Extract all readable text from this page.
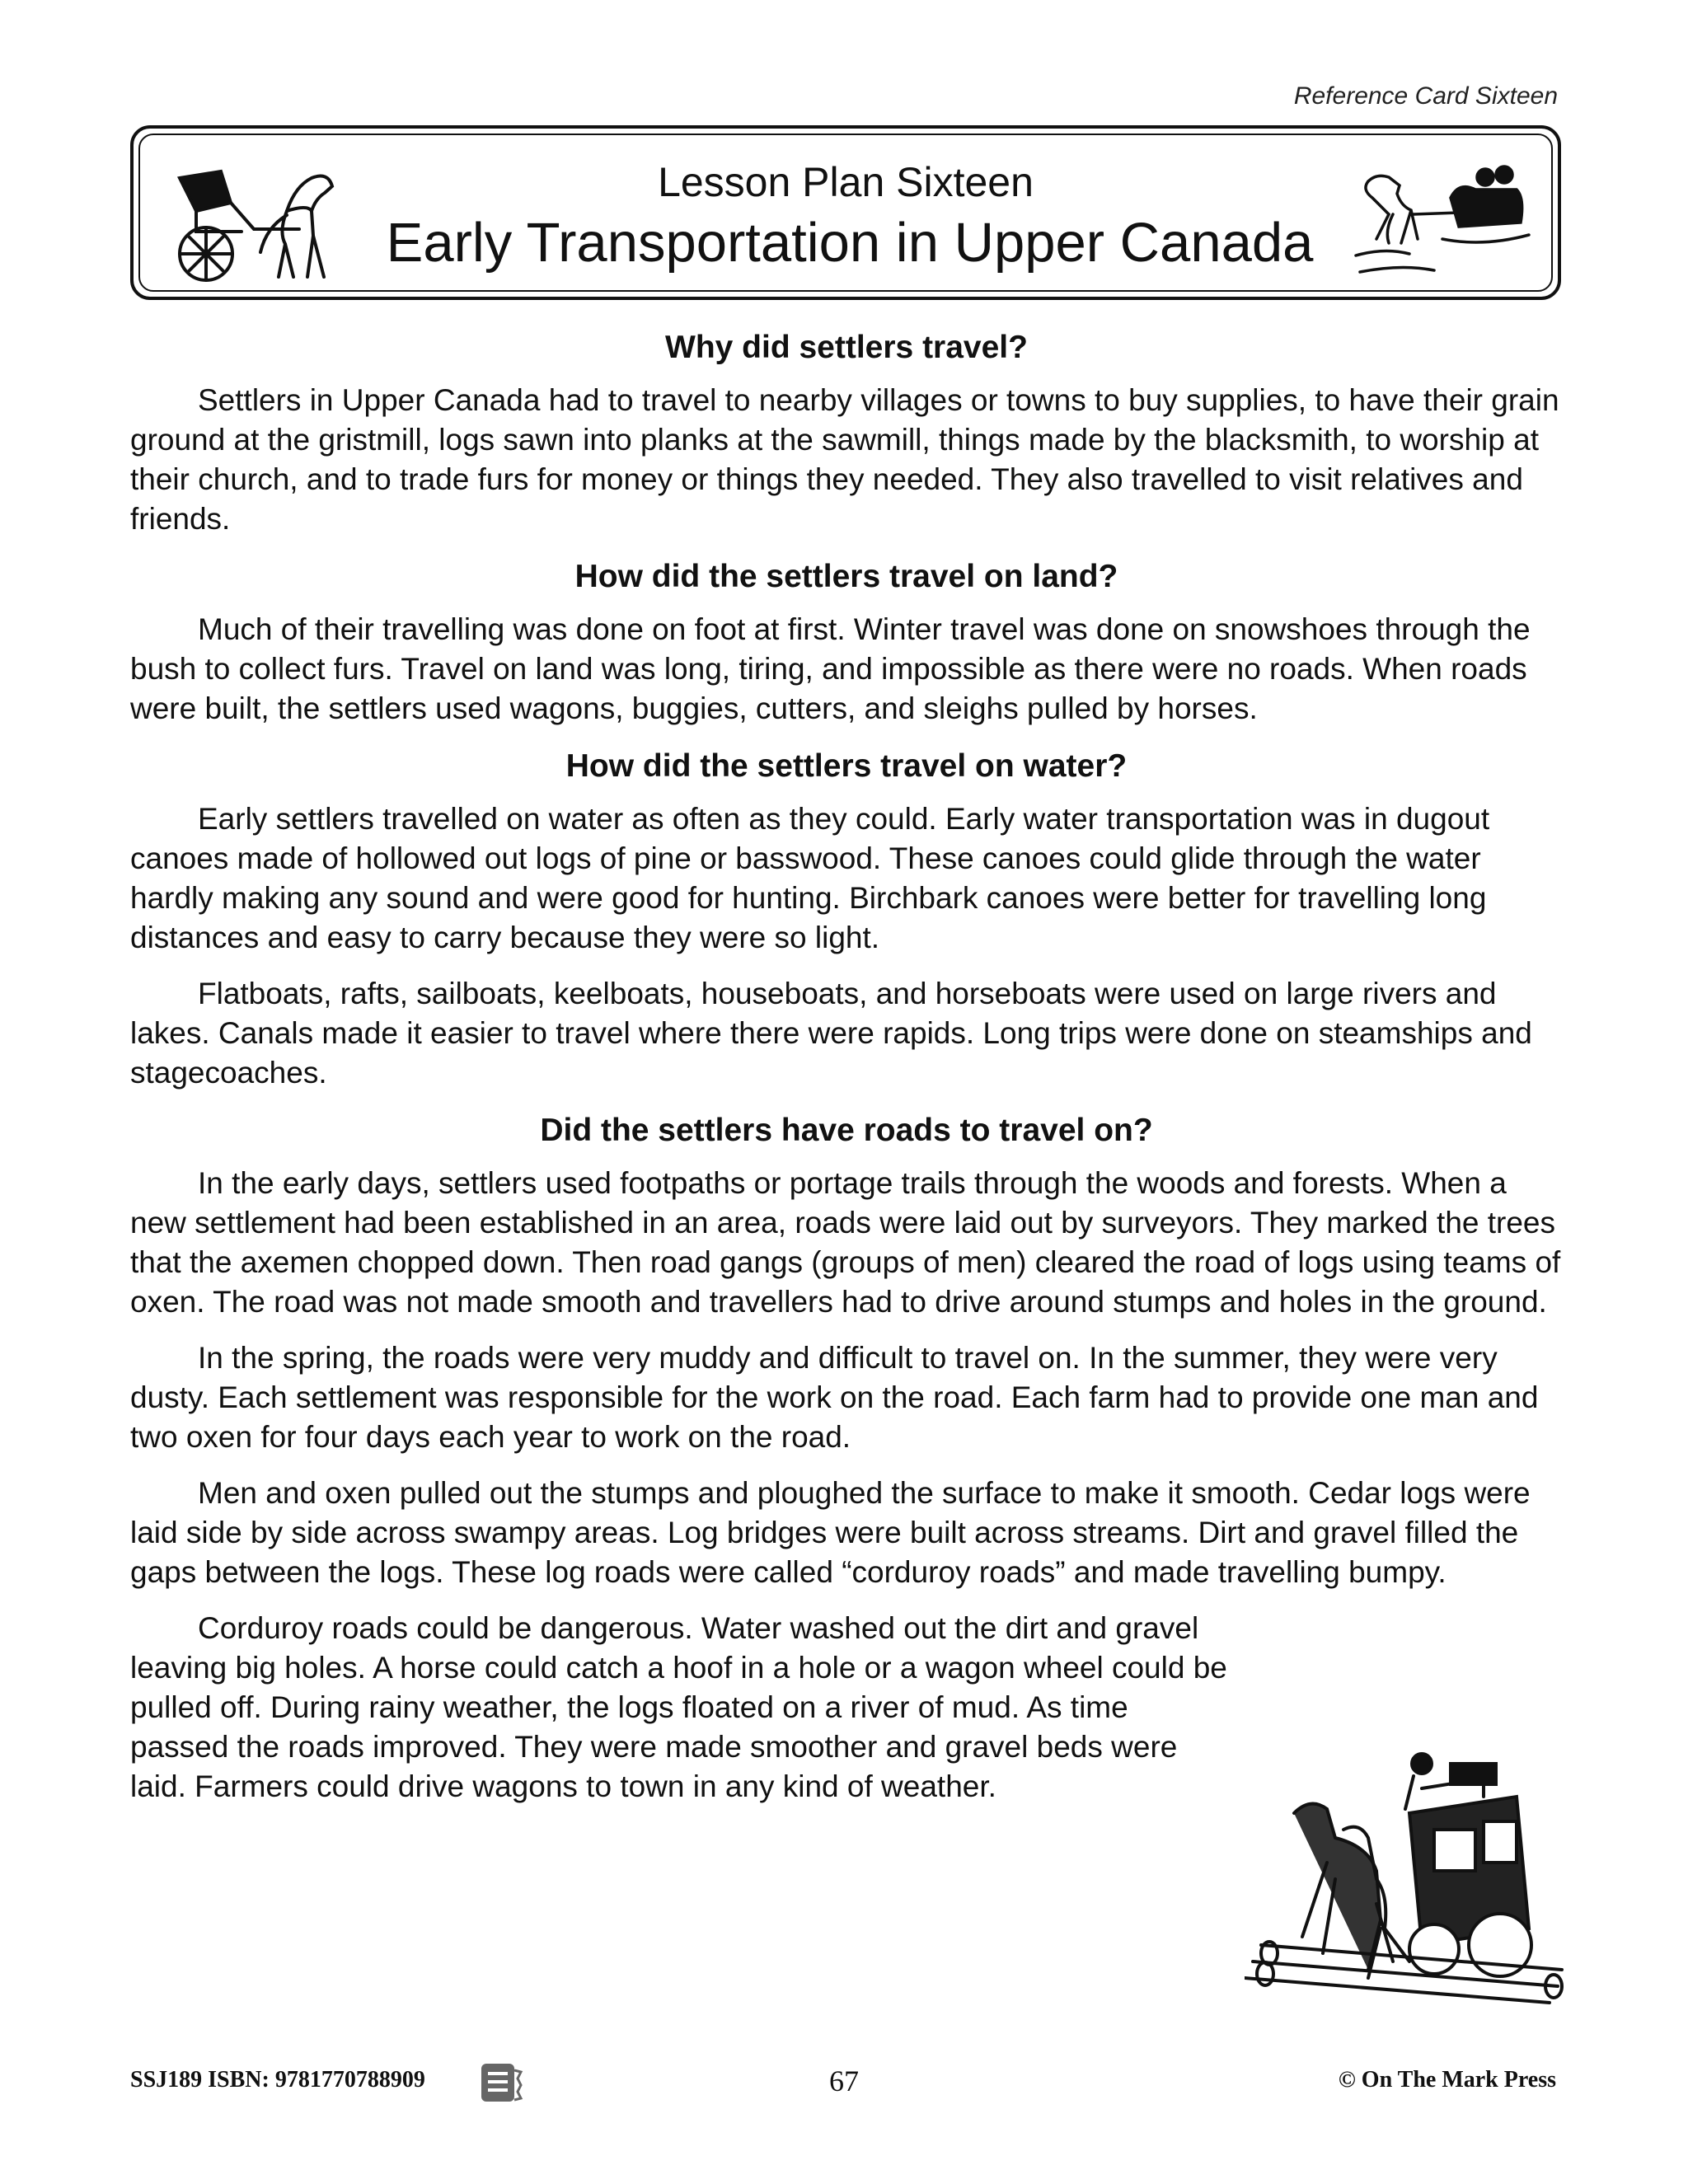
Reference Card Sixteen
Lesson Plan Sixteen
Early Transportation in Upper Canada
Why did settlers travel?

Settlers in Upper Canada had to travel to nearby villages or towns to buy supplies, to have their grain ground at the gristmill, logs sawn into planks at the sawmill, things made by the blacksmith, to worship at their church, and to trade furs for money or things they needed. They also travelled to visit relatives and friends.

How did the settlers travel on land?

Much of their travelling was done on foot at first. Winter travel was done on snowshoes through the bush to collect furs. Travel on land was long, tiring, and impossible as there were no roads. When roads were built, the settlers used wagons, buggies, cutters, and sleighs pulled by horses.

How did the settlers travel on water?

Early settlers travelled on water as often as they could. Early water transportation was in dugout canoes made of hollowed out logs of pine or basswood. These canoes could glide through the water hardly making any sound and were good for hunting. Birchbark canoes were better for travelling long distances and easy to carry because they were so light.

Flatboats, rafts, sailboats, keelboats, houseboats, and horseboats were used on large rivers and lakes. Canals made it easier to travel where there were rapids. Long trips were done on steamships and stagecoaches.

Did the settlers have roads to travel on?

In the early days, settlers used footpaths or portage trails through the woods and forests. When a new settlement had been established in an area, roads were laid out by surveyors. They marked the trees that the axemen chopped down. Then road gangs (groups of men) cleared the road of logs using teams of oxen. The road was not made smooth and travellers had to drive around stumps and holes in the ground.

In the spring, the roads were very muddy and difficult to travel on. In the summer, they were very dusty. Each settlement was responsible for the work on the road. Each farm had to provide one man and two oxen for four days each year to work on the road.

Men and oxen pulled out the stumps and ploughed the surface to make it smooth. Cedar logs were laid side by side across swampy areas. Log bridges were built across streams. Dirt and gravel filled the gaps between the logs. These log roads were called “corduroy roads” and made travelling bumpy.

Corduroy roads could be dangerous. Water washed out the dirt and gravel leaving big holes. A horse could catch a hoof in a hole or a wagon wheel could be pulled off. During rainy weather, the logs floated on a river of mud. As time passed the roads improved. They were made smoother and gravel beds were laid. Farmers could drive wagons to town in any kind of weather.

SSJ189 ISBN: 9781770788909	67	© On The Mark Press
